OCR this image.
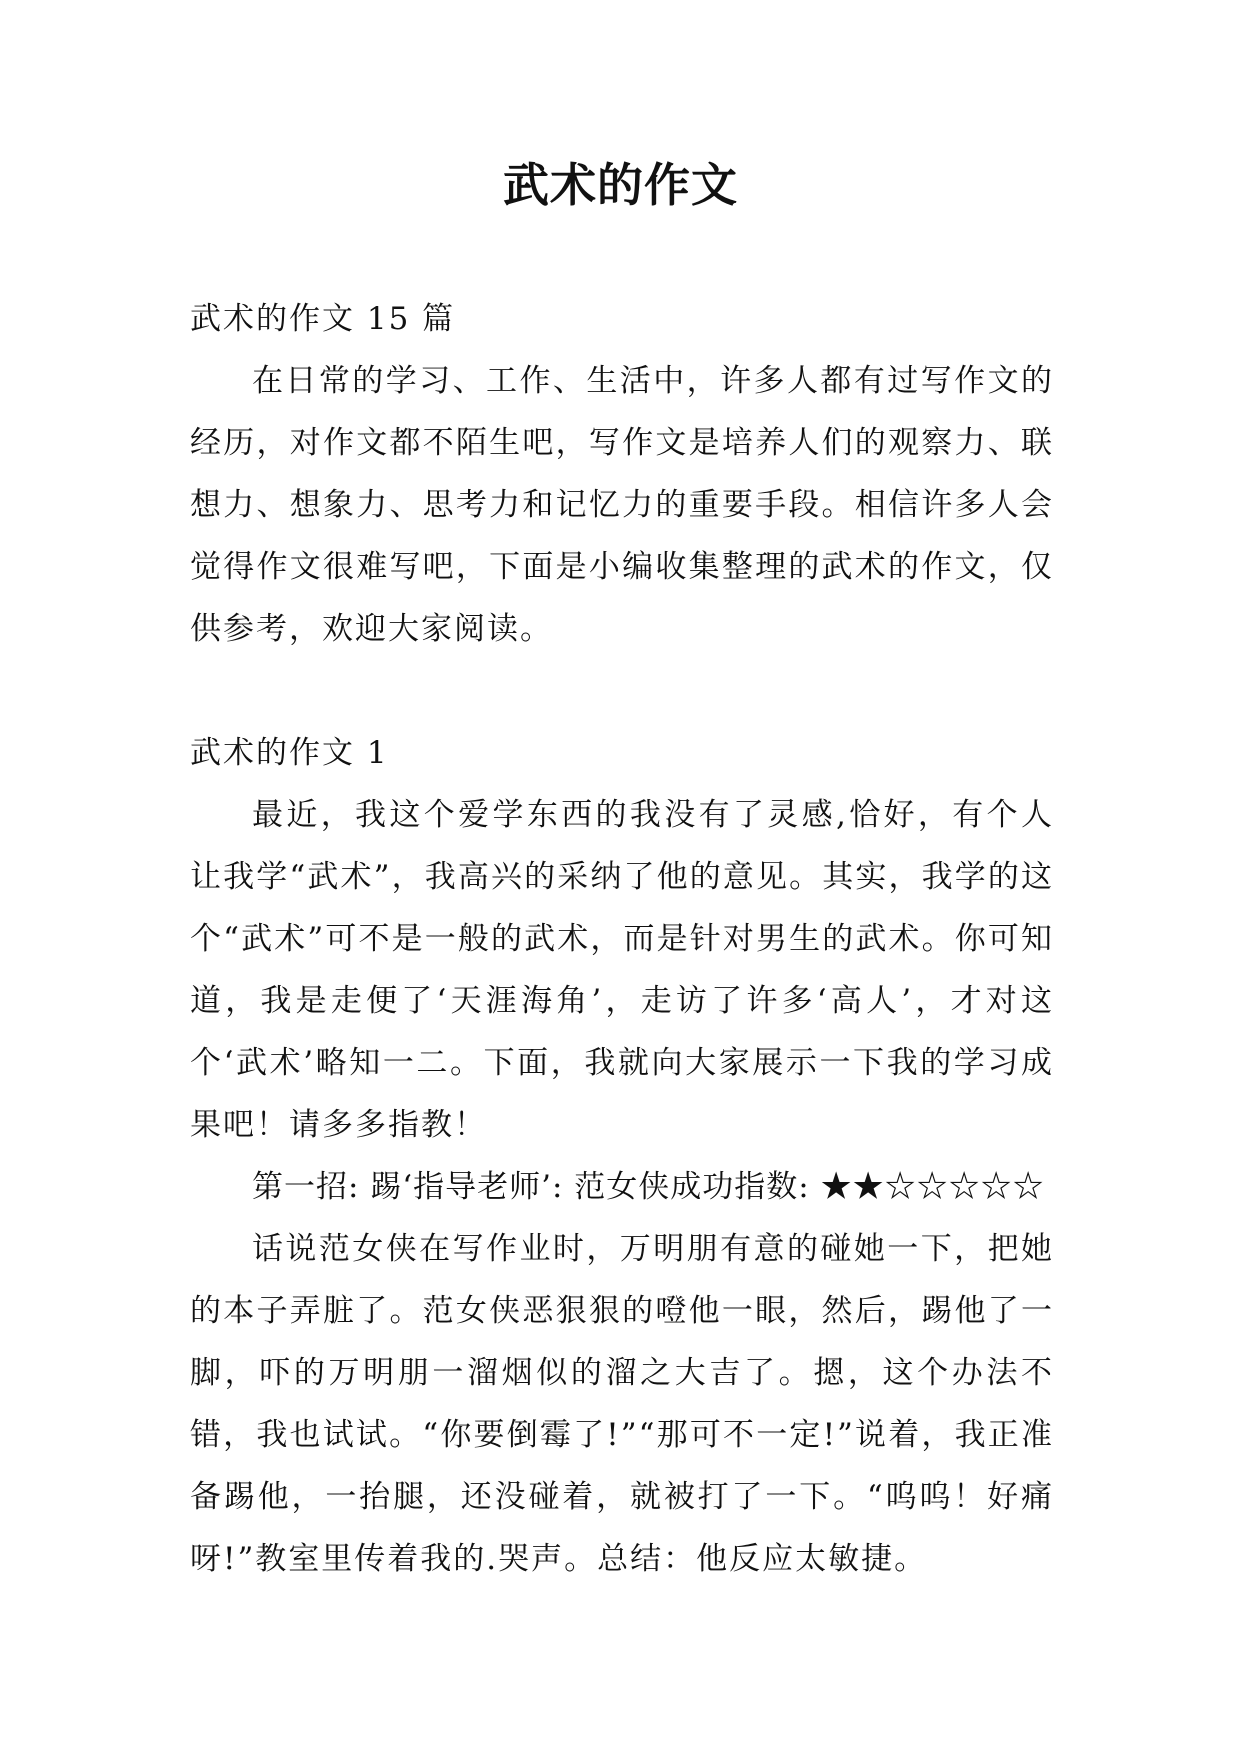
武术的作文

武术的作文 15 篇

在日常的学习、工作、生活中，许多人都有过写作文的经历，对作文都不陌生吧，写作文是培养人们的观察力、联想力、想象力、思考力和记忆力的重要手段。相信许多人会觉得作文很难写吧，下面是小编收集整理的武术的作文，仅供参考，欢迎大家阅读。

武术的作文 1

最近，我这个爱学东西的我没有了灵感,恰好，有个人让我学“武术”，我高兴的采纳了他的意见。其实，我学的这个“武术”可不是一般的武术，而是针对男生的武术。你可知道，我是走便了‘天涯海角’，走访了许多‘高人’，才对这个‘武术’略知一二。下面，我就向大家展示一下我的学习成果吧！请多多指教！

第一招: 踢‘指导老师’: 范女侠成功指数: ★★☆☆☆☆☆

话说范女侠在写作业时，万明朋有意的碰她一下，把她的本子弄脏了。范女侠恶狠狠的噔他一眼，然后，踢他了一脚，吓的万明朋一溜烟似的溜之大吉了。摁，这个办法不错，我也试试。“你要倒霉了!”“那可不一定!”说着，我正准备踢他，一抬腿，还没碰着，就被打了一下。“呜呜！好痛呀!”教室里传着我的.哭声。总结：他反应太敏捷。
